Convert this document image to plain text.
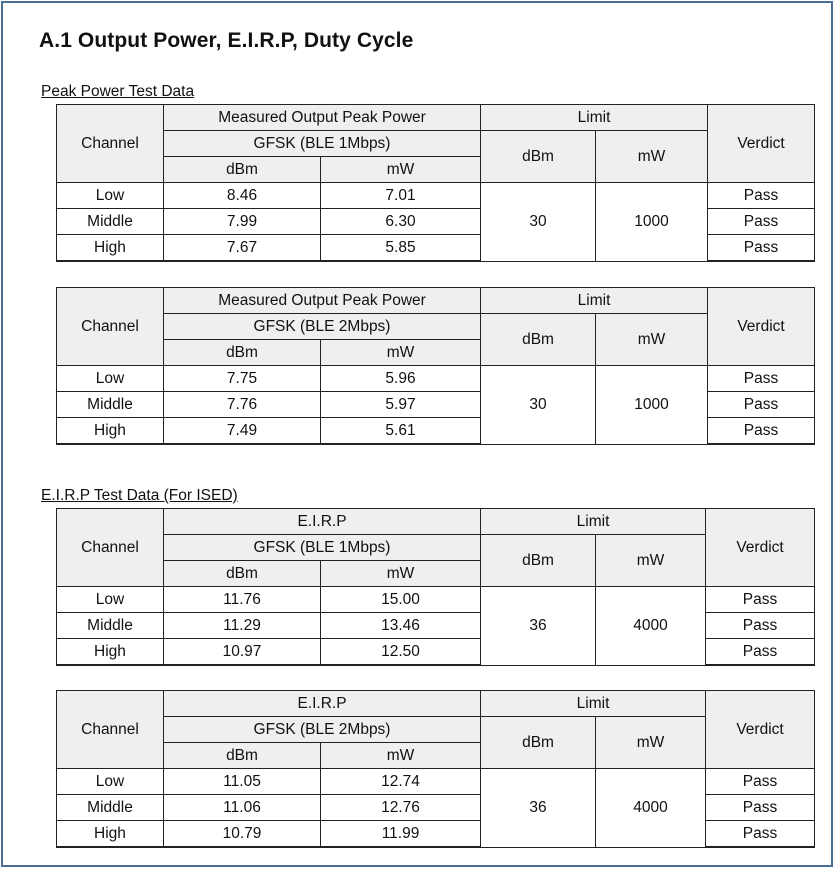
A.1 Output Power, E.I.R.P, Duty Cycle

Peak Power Test Data

Channel	Measured Output Peak Power		Limit		Verdict
	GFSK (BLE 1Mbps)		dBm	mW	
	dBm	mW			
Low	8.46	7.01	30	1000	Pass
Middle	7.99	6.30			Pass
High	7.67	5.85			Pass
Channel	Measured Output Peak Power		Limit		Verdict
	GFSK (BLE 2Mbps)		dBm	mW	
	dBm	mW			
Low	7.75	5.96	30	1000	Pass
Middle	7.76	5.97			Pass
High	7.49	5.61			Pass

E.I.R.P Test Data (For ISED)

Channel	E.I.R.P		Limit		Verdict
	GFSK (BLE 1Mbps)		dBm	mW	
	dBm	mW			
Low	11.76	15.00	36	4000	Pass
Middle	11.29	13.46			Pass
High	10.97	12.50			Pass
Channel	E.I.R.P		Limit		Verdict
	GFSK (BLE 2Mbps)		dBm	mW	
	dBm	mW			
Low	11.05	12.74	36	4000	Pass
Middle	11.06	12.76			Pass
High	10.79	11.99			Pass
